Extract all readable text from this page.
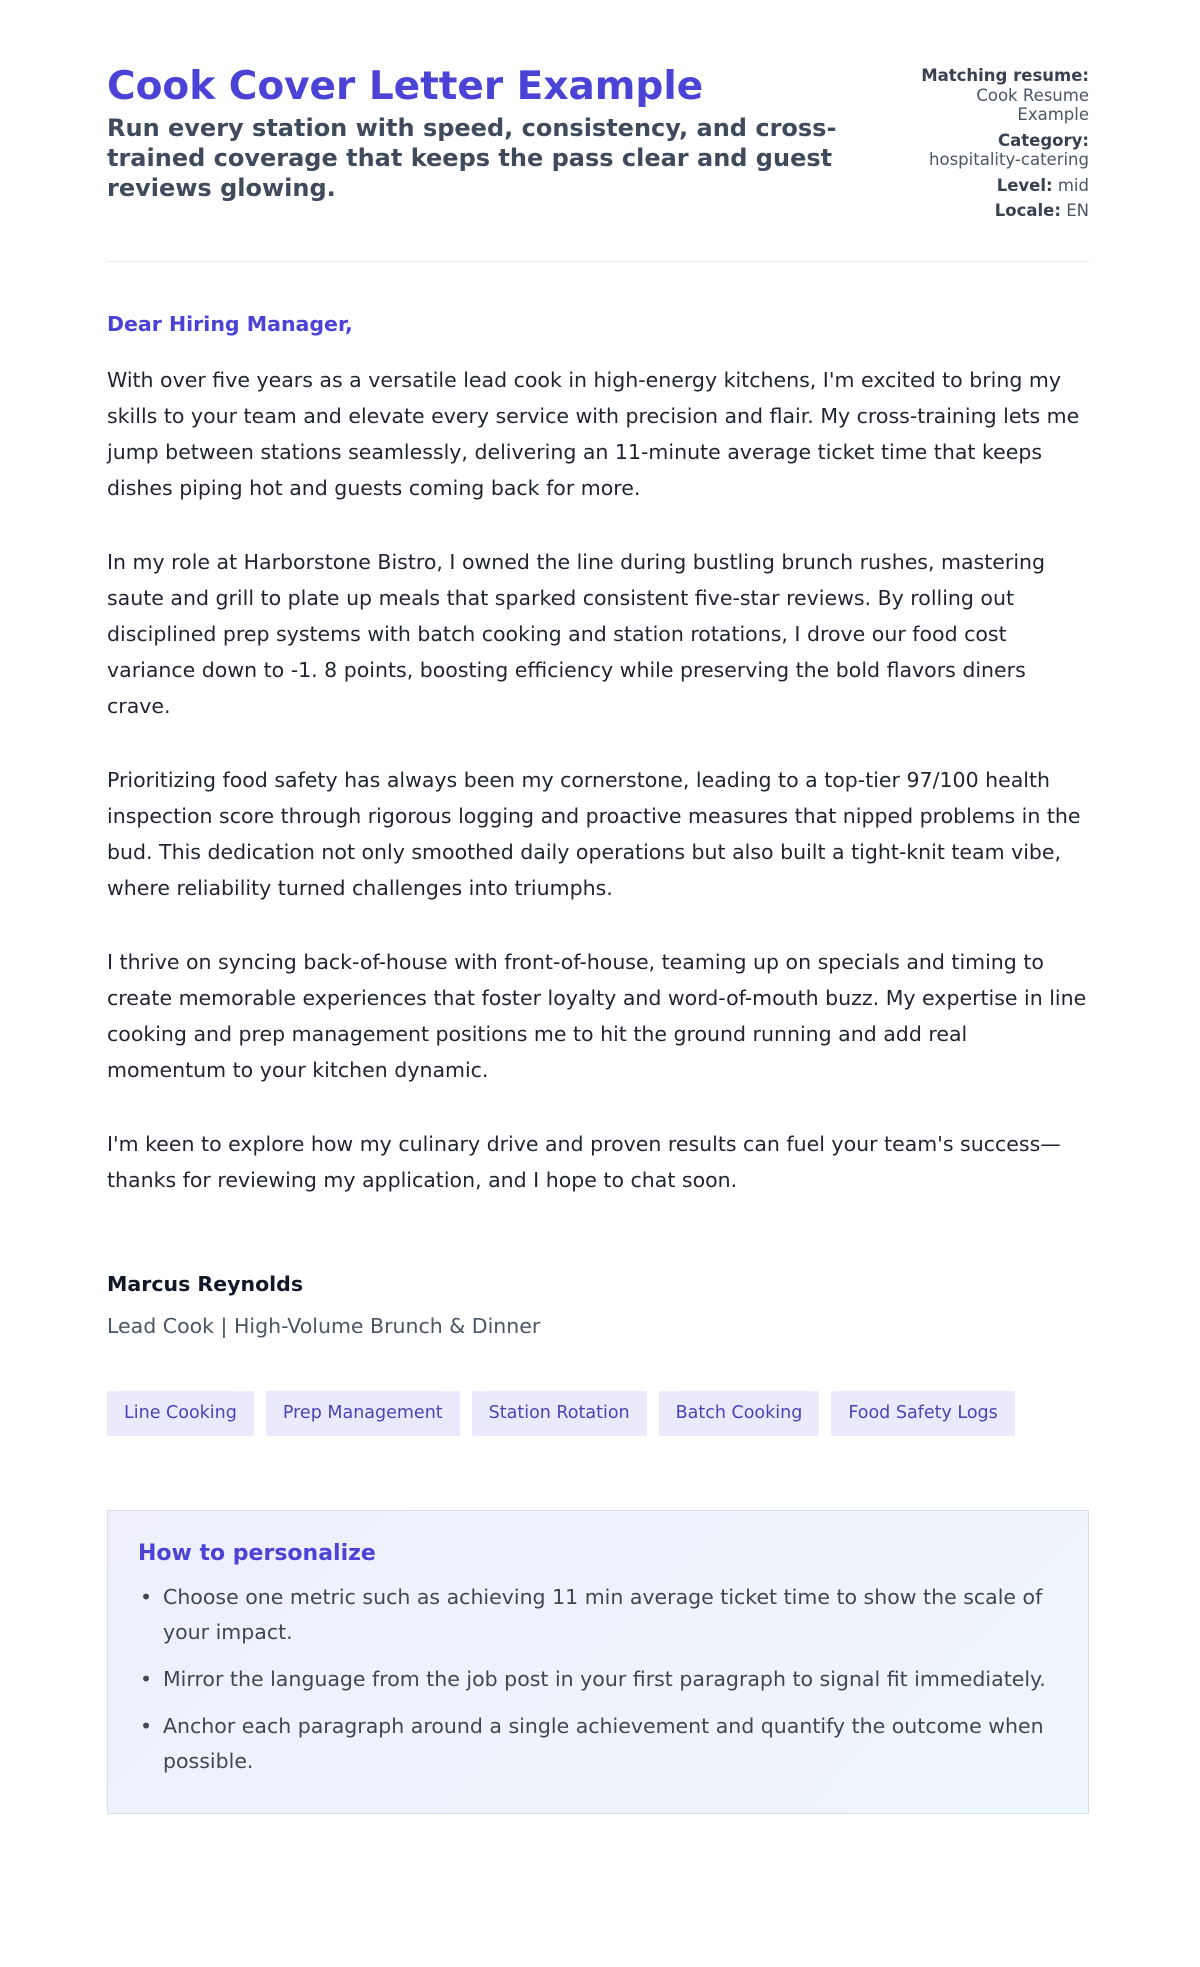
Cook Cover Letter Example
Run every station with speed, consistency, and cross-trained coverage that keeps the pass clear and guest reviews glowing.
Matching resume: Cook Resume Example
Category: hospitality-catering
Level: mid
Locale: EN

Dear Hiring Manager,

With over five years as a versatile lead cook in high-energy kitchens, I'm excited to bring my skills to your team and elevate every service with precision and flair. My cross-training lets me jump between stations seamlessly, delivering an 11-minute average ticket time that keeps dishes piping hot and guests coming back for more.

In my role at Harborstone Bistro, I owned the line during bustling brunch rushes, mastering saute and grill to plate up meals that sparked consistent five-star reviews. By rolling out disciplined prep systems with batch cooking and station rotations, I drove our food cost variance down to -1. 8 points, boosting efficiency while preserving the bold flavors diners crave.

Prioritizing food safety has always been my cornerstone, leading to a top-tier 97/100 health inspection score through rigorous logging and proactive measures that nipped problems in the bud. This dedication not only smoothed daily operations but also built a tight-knit team vibe, where reliability turned challenges into triumphs.

I thrive on syncing back-of-house with front-of-house, teaming up on specials and timing to create memorable experiences that foster loyalty and word-of-mouth buzz. My expertise in line cooking and prep management positions me to hit the ground running and add real momentum to your kitchen dynamic.

I'm keen to explore how my culinary drive and proven results can fuel your team's success—thanks for reviewing my application, and I hope to chat soon.

Marcus Reynolds
Lead Cook | High-Volume Brunch & Dinner
Line Cooking	Prep Management	Station Rotation	Batch Cooking	Food Safety Logs
How to personalize
• Choose one metric such as achieving 11 min average ticket time to show the scale of your impact.
• Mirror the language from the job post in your first paragraph to signal fit immediately.
• Anchor each paragraph around a single achievement and quantify the outcome when possible.
